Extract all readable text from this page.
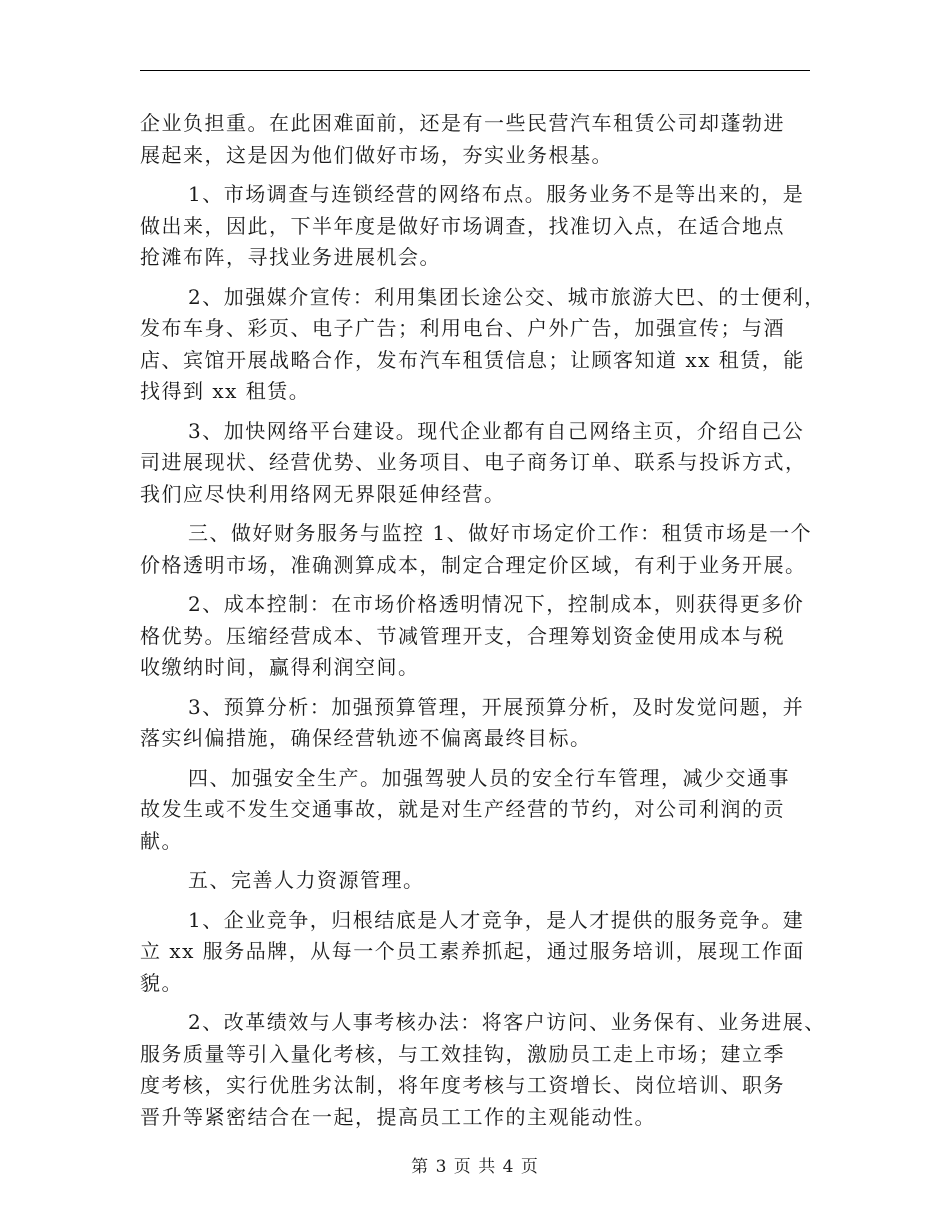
企业负担重。在此困难面前，还是有一些民营汽车租赁公司却蓬勃进
展起来，这是因为他们做好市场，夯实业务根基。

1、市场调查与连锁经营的网络布点。服务业务不是等出来的，是
做出来，因此，下半年度是做好市场调查，找准切入点，在适合地点
抢滩布阵，寻找业务进展机会。

2、加强媒介宣传：利用集团长途公交、城市旅游大巴、的士便利，
发布车身、彩页、电子广告；利用电台、户外广告，加强宣传；与酒
店、宾馆开展战略合作，发布汽车租赁信息；让顾客知道 xx 租赁，能
找得到 xx 租赁。

3、加快网络平台建设。现代企业都有自己网络主页，介绍自己公
司进展现状、经营优势、业务项目、电子商务订单、联系与投诉方式，
我们应尽快利用络网无界限延伸经营。

三、做好财务服务与监控 1、做好市场定价工作：租赁市场是一个
价格透明市场，准确测算成本，制定合理定价区域，有利于业务开展。

2、成本控制：在市场价格透明情况下，控制成本，则获得更多价
格优势。压缩经营成本、节减管理开支，合理筹划资金使用成本与税
收缴纳时间，赢得利润空间。

3、预算分析：加强预算管理，开展预算分析，及时发觉问题，并
落实纠偏措施，确保经营轨迹不偏离最终目标。

四、加强安全生产。加强驾驶人员的安全行车管理，减少交通事
故发生或不发生交通事故，就是对生产经营的节约，对公司利润的贡
献。

五、完善人力资源管理。

1、企业竞争，归根结底是人才竞争，是人才提供的服务竞争。建
立 xx 服务品牌，从每一个员工素养抓起，通过服务培训，展现工作面
貌。

2、改革绩效与人事考核办法：将客户访问、业务保有、业务进展、
服务质量等引入量化考核，与工效挂钩，激励员工走上市场；建立季
度考核，实行优胜劣汰制，将年度考核与工资增长、岗位培训、职务
晋升等紧密结合在一起，提高员工工作的主观能动性。

第 3 页 共 4 页
